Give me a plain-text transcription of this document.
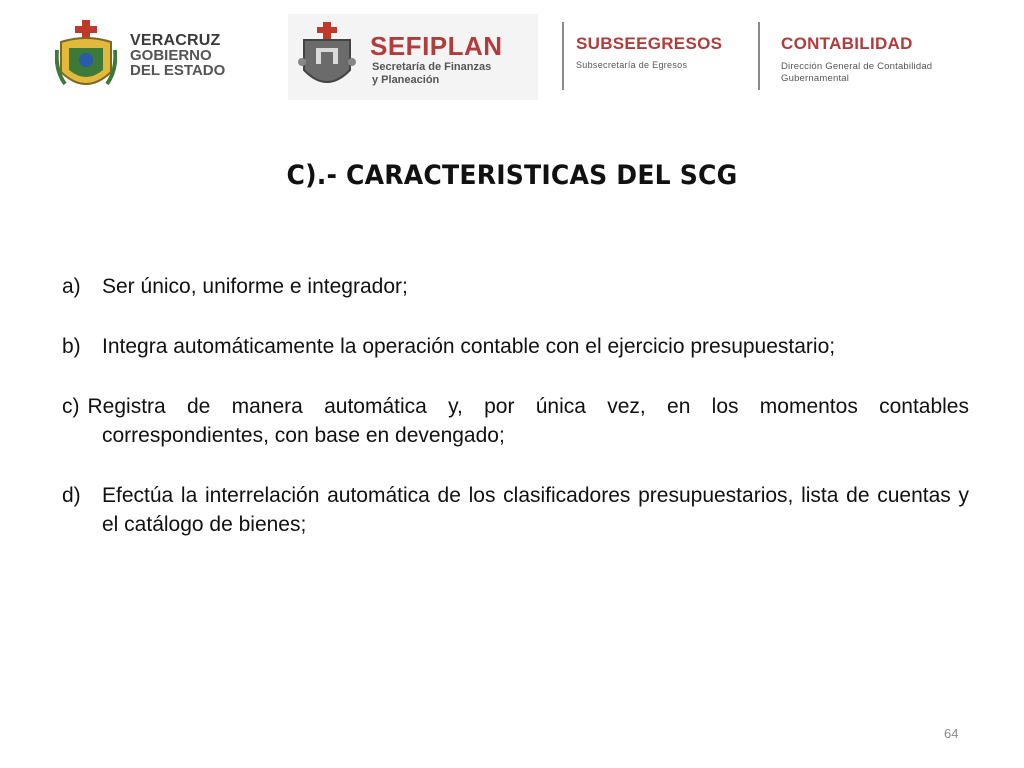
VERACRUZ
GOBIERNO
DEL ESTADO
SEFIPLAN
Secretaría de Finanzas
y Planeación
SUBSEEGRESOS
Subsecretaría de Egresos
CONTABILIDAD
Dirección General de Contabilidad
Gubernamental
C).- CARACTERISTICAS DEL SCG

a) Ser único, uniforme e integrador;

b) Integra automáticamente la operación contable con el ejercicio presupuestario;

c) Registra de manera automática y, por única vez, en los momentos contables correspondientes, con base en devengado;

d) Efectúa la interrelación automática de los clasificadores presupuestarios, lista de cuentas y el catálogo de bienes;

64
